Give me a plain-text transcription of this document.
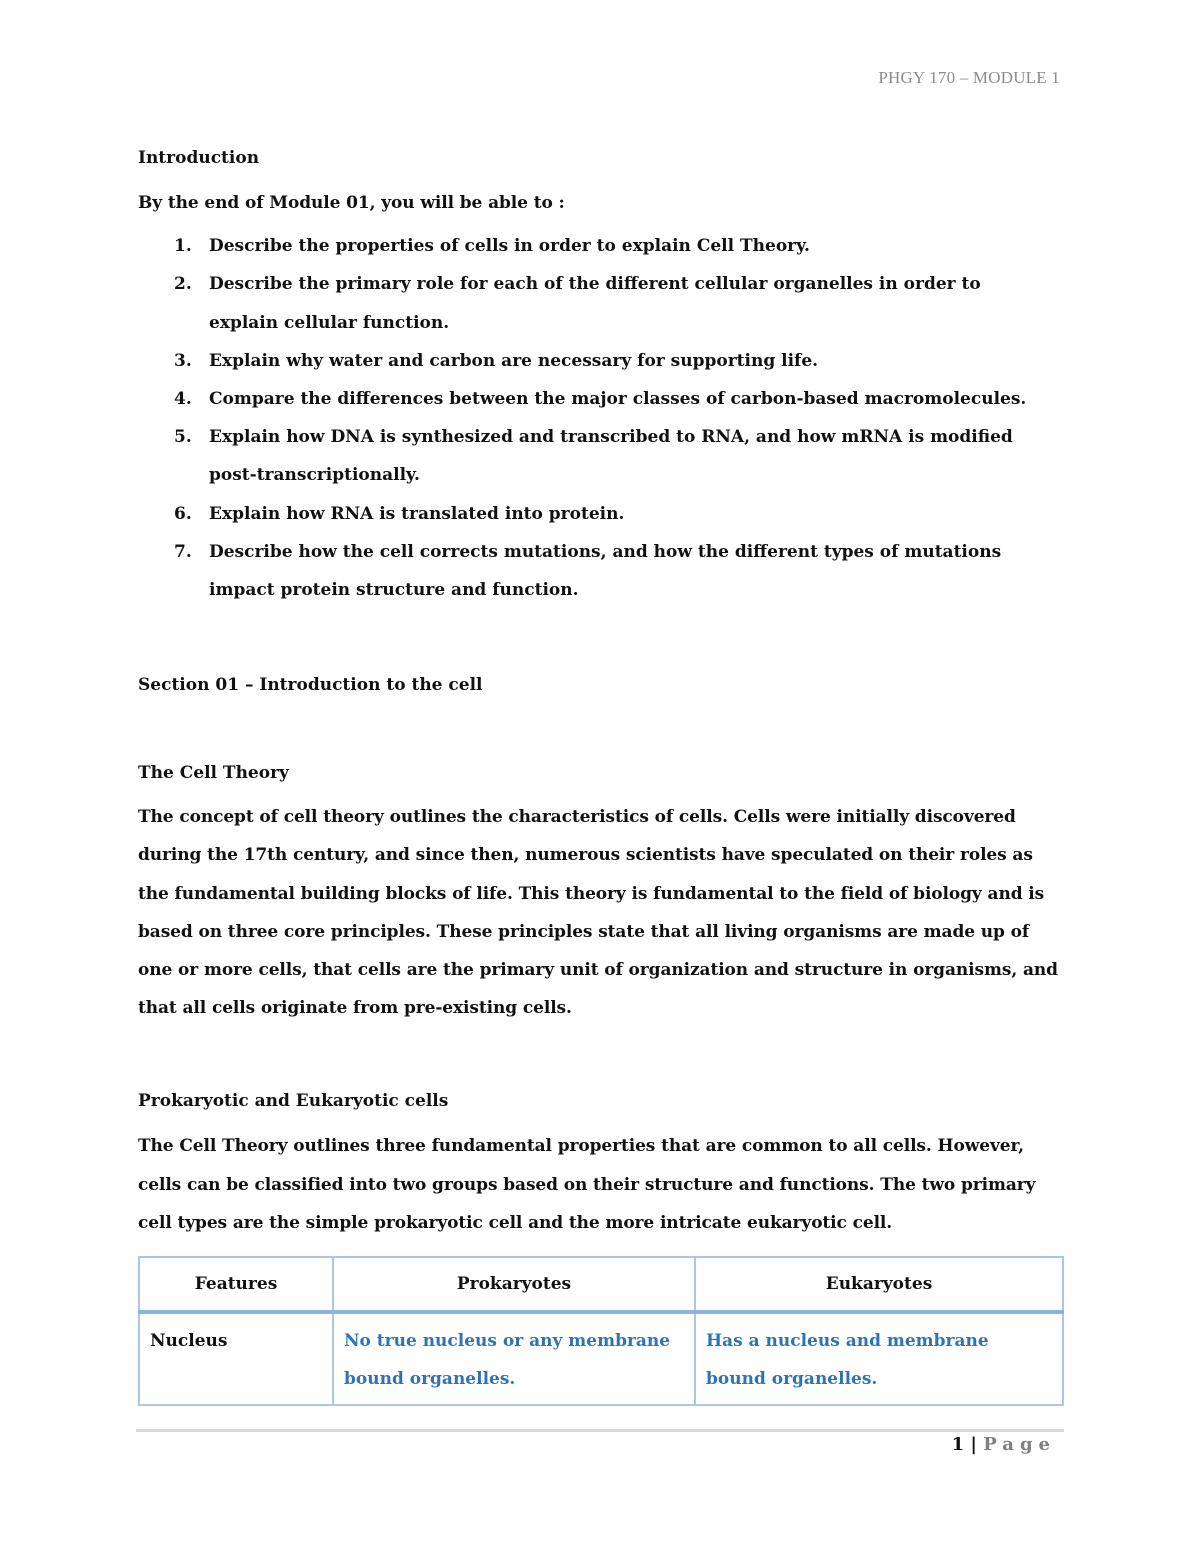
PHGY 170 – MODULE 1

Introduction

By the end of Module 01, you will be able to :

1.	Describe the properties of cells in order to explain Cell Theory.
2.	Describe the primary role for each of the different cellular organelles in order to explain cellular function.
3.	Explain why water and carbon are necessary for supporting life.
4.	Compare the differences between the major classes of carbon-based macromolecules.
5.	Explain how DNA is synthesized and transcribed to RNA, and how mRNA is modified post-transcriptionally.
6.	Explain how RNA is translated into protein.
7.	Describe how the cell corrects mutations, and how the different types of mutations impact protein structure and function.

Section 01 – Introduction to the cell

The Cell Theory

The concept of cell theory outlines the characteristics of cells. Cells were initially discovered during the 17th century, and since then, numerous scientists have speculated on their roles as the fundamental building blocks of life. This theory is fundamental to the field of biology and is based on three core principles. These principles state that all living organisms are made up of one or more cells, that cells are the primary unit of organization and structure in organisms, and that all cells originate from pre-existing cells.

Prokaryotic and Eukaryotic cells

The Cell Theory outlines three fundamental properties that are common to all cells. However, cells can be classified into two groups based on their structure and functions. The two primary cell types are the simple prokaryotic cell and the more intricate eukaryotic cell.

Features	Prokaryotes	Eukaryotes
Nucleus	No true nucleus or any membrane bound organelles.	Has a nucleus and membrane bound organelles.
1 | Page
